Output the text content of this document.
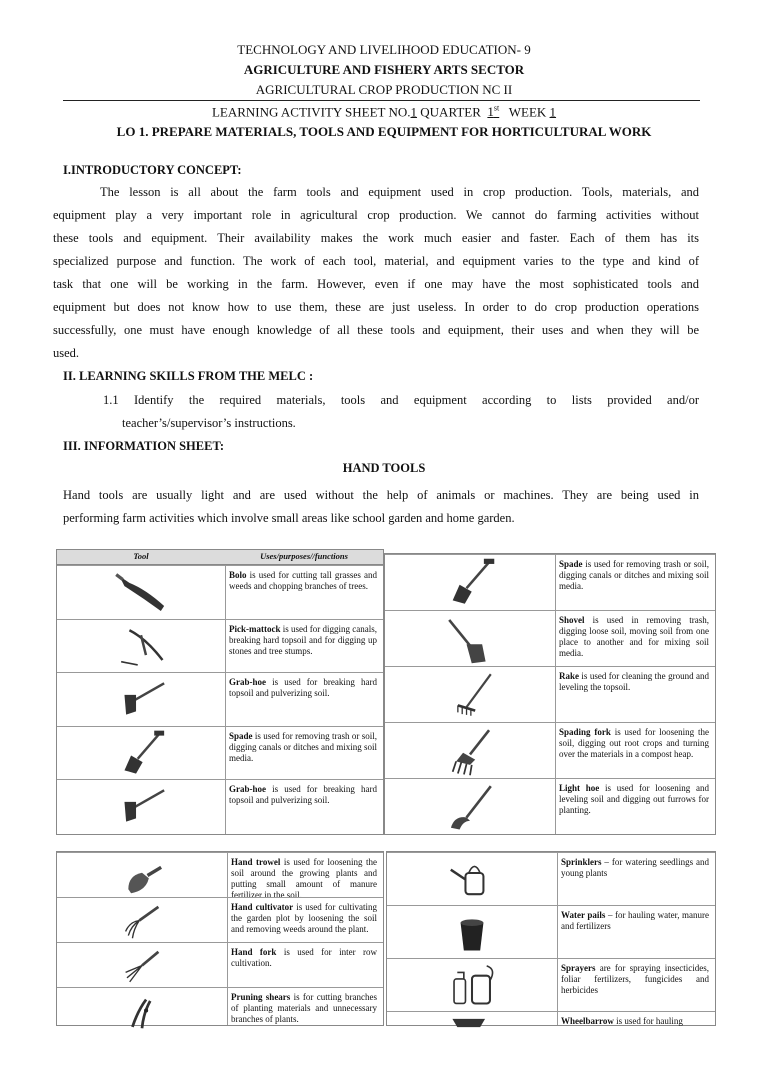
TECHNOLOGY AND LIVELIHOOD EDUCATION- 9
AGRICULTURE AND FISHERY ARTS SECTOR
AGRICULTURAL CROP PRODUCTION NC II
LEARNING ACTIVITY SHEET NO.1 QUARTER 1st WEEK 1
LO 1. PREPARE MATERIALS, TOOLS AND EQUIPMENT FOR HORTICULTURAL WORK
I.INTRODUCTORY CONCEPT:
The lesson is all about the farm tools and equipment used in crop production. Tools, materials, and
equipment play a very important role in agricultural crop production. We cannot do farming activities without
these tools and equipment. Their availability makes the work much easier and faster. Each of them has its
specialized purpose and function. The work of each tool, material, and equipment varies to the type and kind of
task that one will be working in the farm. However, even if one may have the most sophisticated tools and
equipment but does not know how to use them, these are just useless. In order to do crop production operations
successfully, one must have enough knowledge of all these tools and equipment, their uses and when they will be
used.
II. LEARNING SKILLS FROM THE MELC :
1.1 Identify the required materials, tools and equipment according to lists provided and/or
teacher’s/supervisor’s instructions.
III. INFORMATION SHEET:
HAND TOOLS
Hand tools are usually light and are used without the help of animals or machines. They are being used in
performing farm activities which involve small areas like school garden and home garden.
Tool	Uses/purposes//functions
Bolo is used for cutting tall grasses and weeds and chopping branches of trees.
Pick-mattock is used for digging canals, breaking hard topsoil and for digging up stones and tree stumps.
Grab-hoe is used for breaking hard topsoil and pulverizing soil.
Spade is used for removing trash or soil, digging canals or ditches and mixing soil media.
Grab-hoe is used for breaking hard topsoil and pulverizing soil.
Spade is used for removing trash or soil, digging canals or ditches and mixing soil media.
Shovel is used in removing trash, digging loose soil, moving soil from one place to another and for mixing soil media.
Rake is used for cleaning the ground and leveling the topsoil.
Spading fork is used for loosening the soil, digging out root crops and turning over the materials in a compost heap.
Light hoe is used for loosening and leveling soil and digging out furrows for planting.
Hand trowel is used for loosening the soil around the growing plants and putting small amount of manure fertilizer in the soil.
Hand cultivator is used for cultivating the garden plot by loosening the soil and removing weeds around the plant.
Hand fork is used for inter row cultivation.
Pruning shears is for cutting branches of planting materials and unnecessary branches of plants.
Sprinklers – for watering seedlings and young plants
Water pails – for hauling water, manure and fertilizers
Sprayers are for spraying insecticides, foliar fertilizers, fungicides and herbicides
Wheelbarrow is used for hauling
